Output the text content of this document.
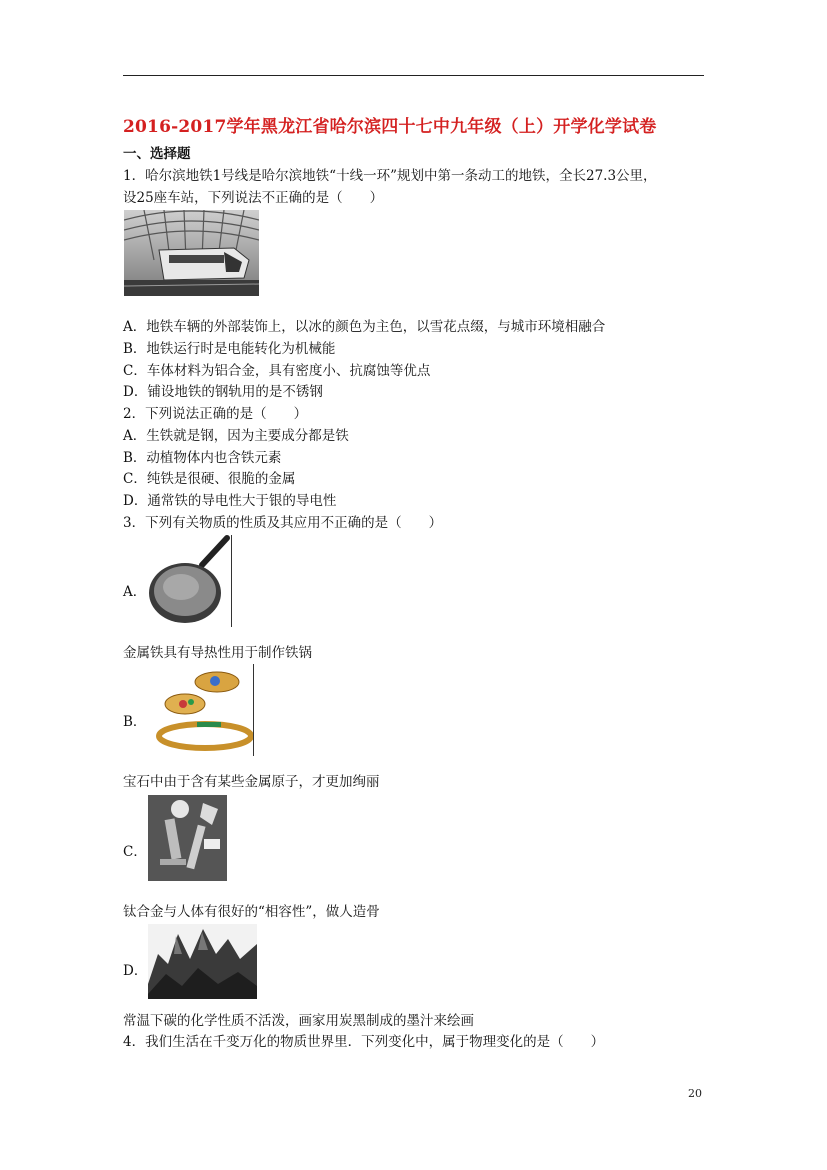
2016-2017学年黑龙江省哈尔滨四十七中九年级（上）开学化学试卷
一、选择题
1．哈尔滨地铁1号线是哈尔滨地铁“十线一环”规划中第一条动工的地铁，全长27.3公里，
设25座车站，下列说法不正确的是（　　）
A．地铁车辆的外部装饰上，以冰的颜色为主色，以雪花点缀，与城市环境相融合
B．地铁运行时是电能转化为机械能
C．车体材料为铝合金，具有密度小、抗腐蚀等优点
D．铺设地铁的钢轨用的是不锈钢
2．下列说法正确的是（　　）
A．生铁就是钢，因为主要成分都是铁
B．动植物体内也含铁元素
C．纯铁是很硬、很脆的金属
D．通常铁的导电性大于银的导电性
3．下列有关物质的性质及其应用不正确的是（　　）
A．
金属铁具有导热性用于制作铁锅
B．
宝石中由于含有某些金属原子，才更加绚丽
C．
钛合金与人体有很好的“相容性”，做人造骨
D．
常温下碳的化学性质不活泼，画家用炭黑制成的墨汁来绘画
4．我们生活在千变万化的物质世界里．下列变化中，属于物理变化的是（　　）
20
